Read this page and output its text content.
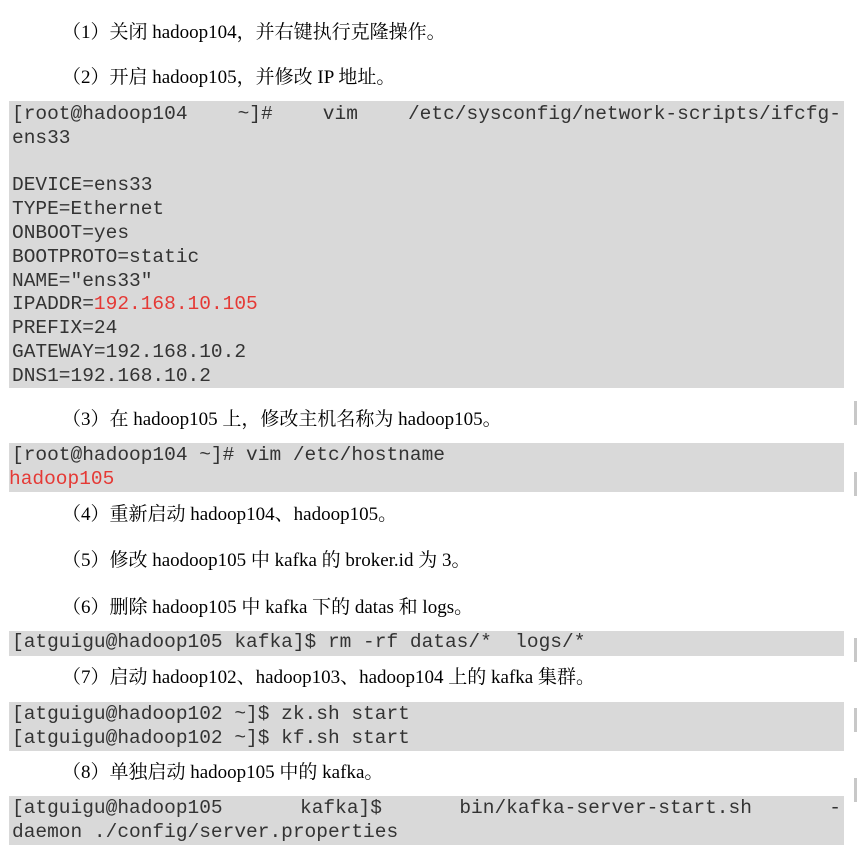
（1）关闭 hadoop104，并右键执行克隆操作。

（2）开启 hadoop105，并修改 IP 地址。

[root@hadoop104	~]#	vim	/etc/sysconfig/network-scripts/ifcfg-
ens33
DEVICE=ens33
TYPE=Ethernet
ONBOOT=yes
BOOTPROTO=static
NAME="ens33"
IPADDR=192.168.10.105
PREFIX=24
GATEWAY=192.168.10.2
DNS1=192.168.10.2

（3）在 hadoop105 上，修改主机名称为 hadoop105。

[root@hadoop104 ~]# vim /etc/hostname
hadoop105

（4）重新启动 hadoop104、hadoop105。

（5）修改 haodoop105 中 kafka 的 broker.id 为 3。

（6）删除 hadoop105 中 kafka 下的 datas 和 logs。

[atguigu@hadoop105 kafka]$ rm -rf datas/*  logs/*

（7）启动 hadoop102、hadoop103、hadoop104 上的 kafka 集群。

[atguigu@hadoop102 ~]$ zk.sh start
[atguigu@hadoop102 ~]$ kf.sh start

（8）单独启动 hadoop105 中的 kafka。

[atguigu@hadoop105	kafka]$	bin/kafka-server-start.sh	-
daemon ./config/server.properties
